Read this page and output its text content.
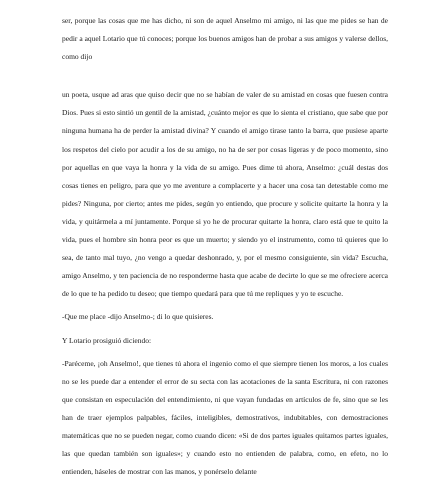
ser, porque las cosas que me has dicho, ni son de aquel Anselmo mi amigo, ni las que me pides se han de pedir a aquel Lotario que tú conoces; porque los buenos amigos han de probar a sus amigos y valerse dellos, como dijo

un poeta, usque ad aras que quiso decir que no se habían de valer de su amistad en cosas que fuesen contra Dios. Pues si esto sintió un gentil de la amistad, ¿cuánto mejor es que lo sienta el cristiano, que sabe que por ninguna humana ha de perder la amistad divina? Y cuando el amigo tirase tanto la barra, que pusiese aparte los respetos del cielo por acudir a los de su amigo, no ha de ser por cosas ligeras y de poco momento, sino por aquellas en que vaya la honra y la vida de su amigo. Pues dime tú ahora, Anselmo: ¿cuál destas dos cosas tienes en peligro, para que yo me aventure a complacerte y a hacer una cosa tan detestable como me pides? Ninguna, por cierto; antes me pides, según yo entiendo, que procure y solicite quitarte la honra y la vida, y quitármela a mí juntamente. Porque si yo he de procurar quitarte la honra, claro está que te quito la vida, pues el hombre sin honra peor es que un muerto; y siendo yo el instrumento, como tú quieres que lo sea, de tanto mal tuyo, ¿no vengo a quedar deshonrado, y, por el mesmo consiguiente, sin vida? Escucha, amigo Anselmo, y ten paciencia de no responderme hasta que acabe de decirte lo que se me ofreciere acerca de lo que te ha pedido tu deseo; que tiempo quedará para que tú me repliques y yo te escuche.

-Que me place -dijo Anselmo-; di lo que quisieres.

Y Lotario prosiguió diciendo:

-Paréceme, ¡oh Anselmo!, que tienes tú ahora el ingenio como el que siempre tienen los moros, a los cuales no se les puede dar a entender el error de su secta con las acotaciones de la santa Escritura, ni con razones que consistan en especulación del entendimiento, ni que vayan fundadas en artículos de fe, sino que se les han de traer ejemplos palpables, fáciles, inteligibles, demostrativos, indubitables, con demostraciones matemáticas que no se pueden negar, como cuando dicen: «Si de dos partes iguales quitamos partes iguales, las que quedan también son iguales»; y cuando esto no entienden de palabra, como, en efeto, no lo entienden, háseles de mostrar con las manos, y ponérselo delante
